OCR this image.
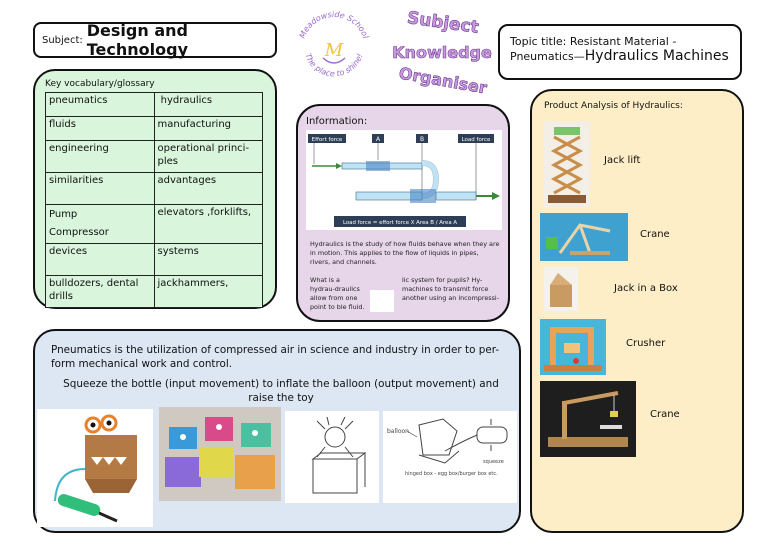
Subject: Design and Technology
Meadowside School
The place to shine!
M
Subject
Knowledge
Organiser
Topic title: Resistant Material -
Pneumatics—Hydraulics Machines
Key vocabulary/glossary
pneumatics	hydraulics
fluids	manufacturing
engineering	operational princi-ples
similarities	advantages
Pump
Compressor	elevators ,forklifts,
devices	systems
bulldozers, dental drills	jackhammers,
Information:
Effort force	A	B	Load force
Load force = effort force X Area B / Area A
Hydraulics is the study of how fluids behave when they are in motion. This applies to the flow of liquids in pipes, rivers, and channels.
What is a hydrau-draulics allow from one point to ble fluid.
lic system for pupils? Hy-machines to transmit force another using an incompressi-
Product Analysis of Hydraulics:
Jack lift
Crane
Jack in a Box
Crusher
Crane
Pneumatics is the utilization of compressed air in science and industry in order to per-form mechanical work and control.
Squeeze the bottle (input movement) to inflate the balloon (output movement) and raise the toy
balloon
hinged box - egg box/burger box etc.
squeeze
